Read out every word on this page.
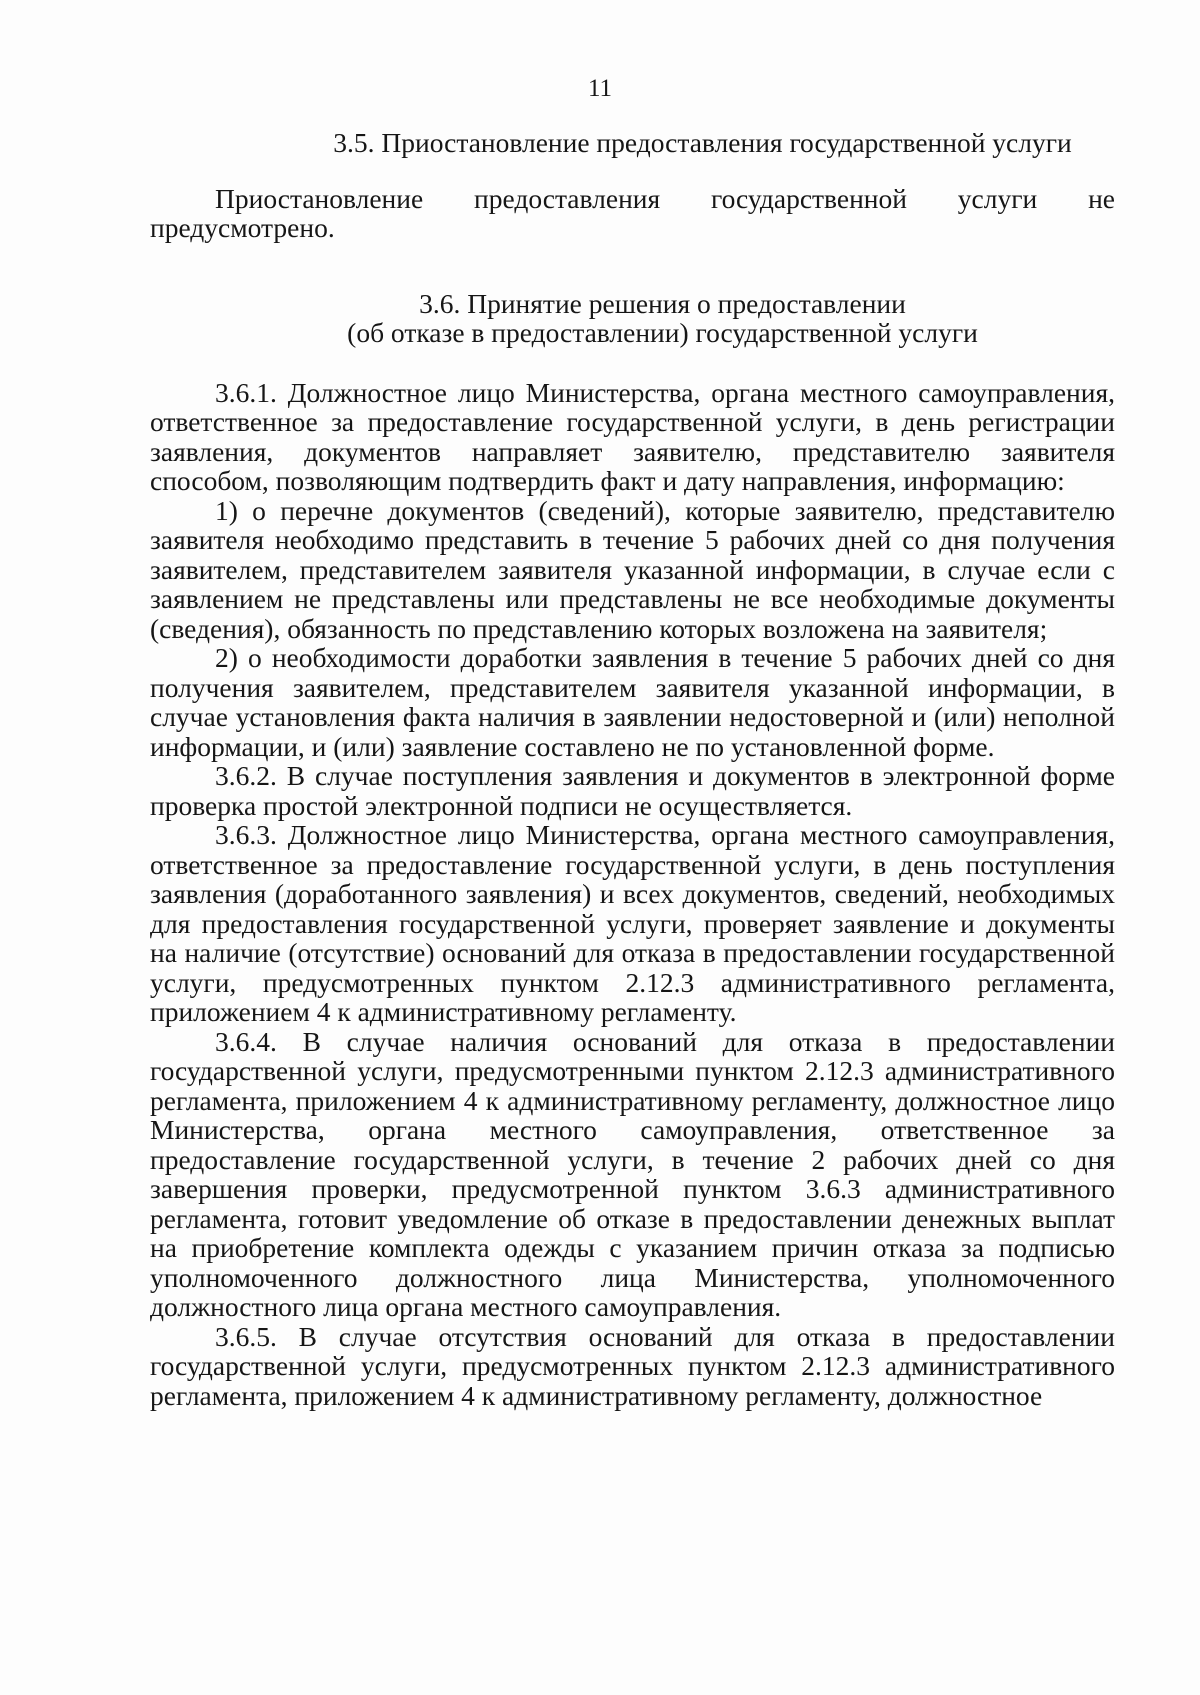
11
3.5. Приостановление предоставления государственной услуги

Приостановление предоставления государственной услуги не предусмотрено.

3.6. Принятие решения о предоставлении
(об отказе в предоставлении) государственной услуги

3.6.1. Должностное лицо Министерства, органа местного самоуправления, ответственное за предоставление государственной услуги, в день регистрации заявления, документов направляет заявителю, представителю заявителя способом, позволяющим подтвердить факт и дату направления, информацию:

1) о перечне документов (сведений), которые заявителю, представителю заявителя необходимо представить в течение 5 рабочих дней со дня получения заявителем, представителем заявителя указанной информации, в случае если с заявлением не представлены или представлены не все необходимые документы (сведения), обязанность по представлению которых возложена на заявителя;

2) о необходимости доработки заявления в течение 5 рабочих дней со дня получения заявителем, представителем заявителя указанной информации, в случае установления факта наличия в заявлении недостоверной и (или) неполной информации, и (или) заявление составлено не по установленной форме.

3.6.2. В случае поступления заявления и документов в электронной форме проверка простой электронной подписи не осуществляется.

3.6.3. Должностное лицо Министерства, органа местного самоуправления, ответственное за предоставление государственной услуги, в день поступления заявления (доработанного заявления) и всех документов, сведений, необходимых для предоставления государственной услуги, проверяет заявление и документы на наличие (отсутствие) оснований для отказа в предоставлении государственной услуги, предусмотренных пунктом 2.12.3 административного регламента, приложением 4 к административному регламенту.

3.6.4. В случае наличия оснований для отказа в предоставлении государственной услуги, предусмотренными пунктом 2.12.3 административного регламента, приложением 4 к административному регламенту, должностное лицо Министерства, органа местного самоуправления, ответственное за предоставление государственной услуги, в течение 2 рабочих дней со дня завершения проверки, предусмотренной пунктом 3.6.3 административного регламента, готовит уведомление об отказе в предоставлении денежных выплат на приобретение комплекта одежды с указанием причин отказа за подписью уполномоченного должностного лица Министерства, уполномоченного должностного лица органа местного самоуправления.

3.6.5. В случае отсутствия оснований для отказа в предоставлении государственной услуги, предусмотренных пунктом 2.12.3 административного регламента, приложением 4 к административному регламенту, должностное
